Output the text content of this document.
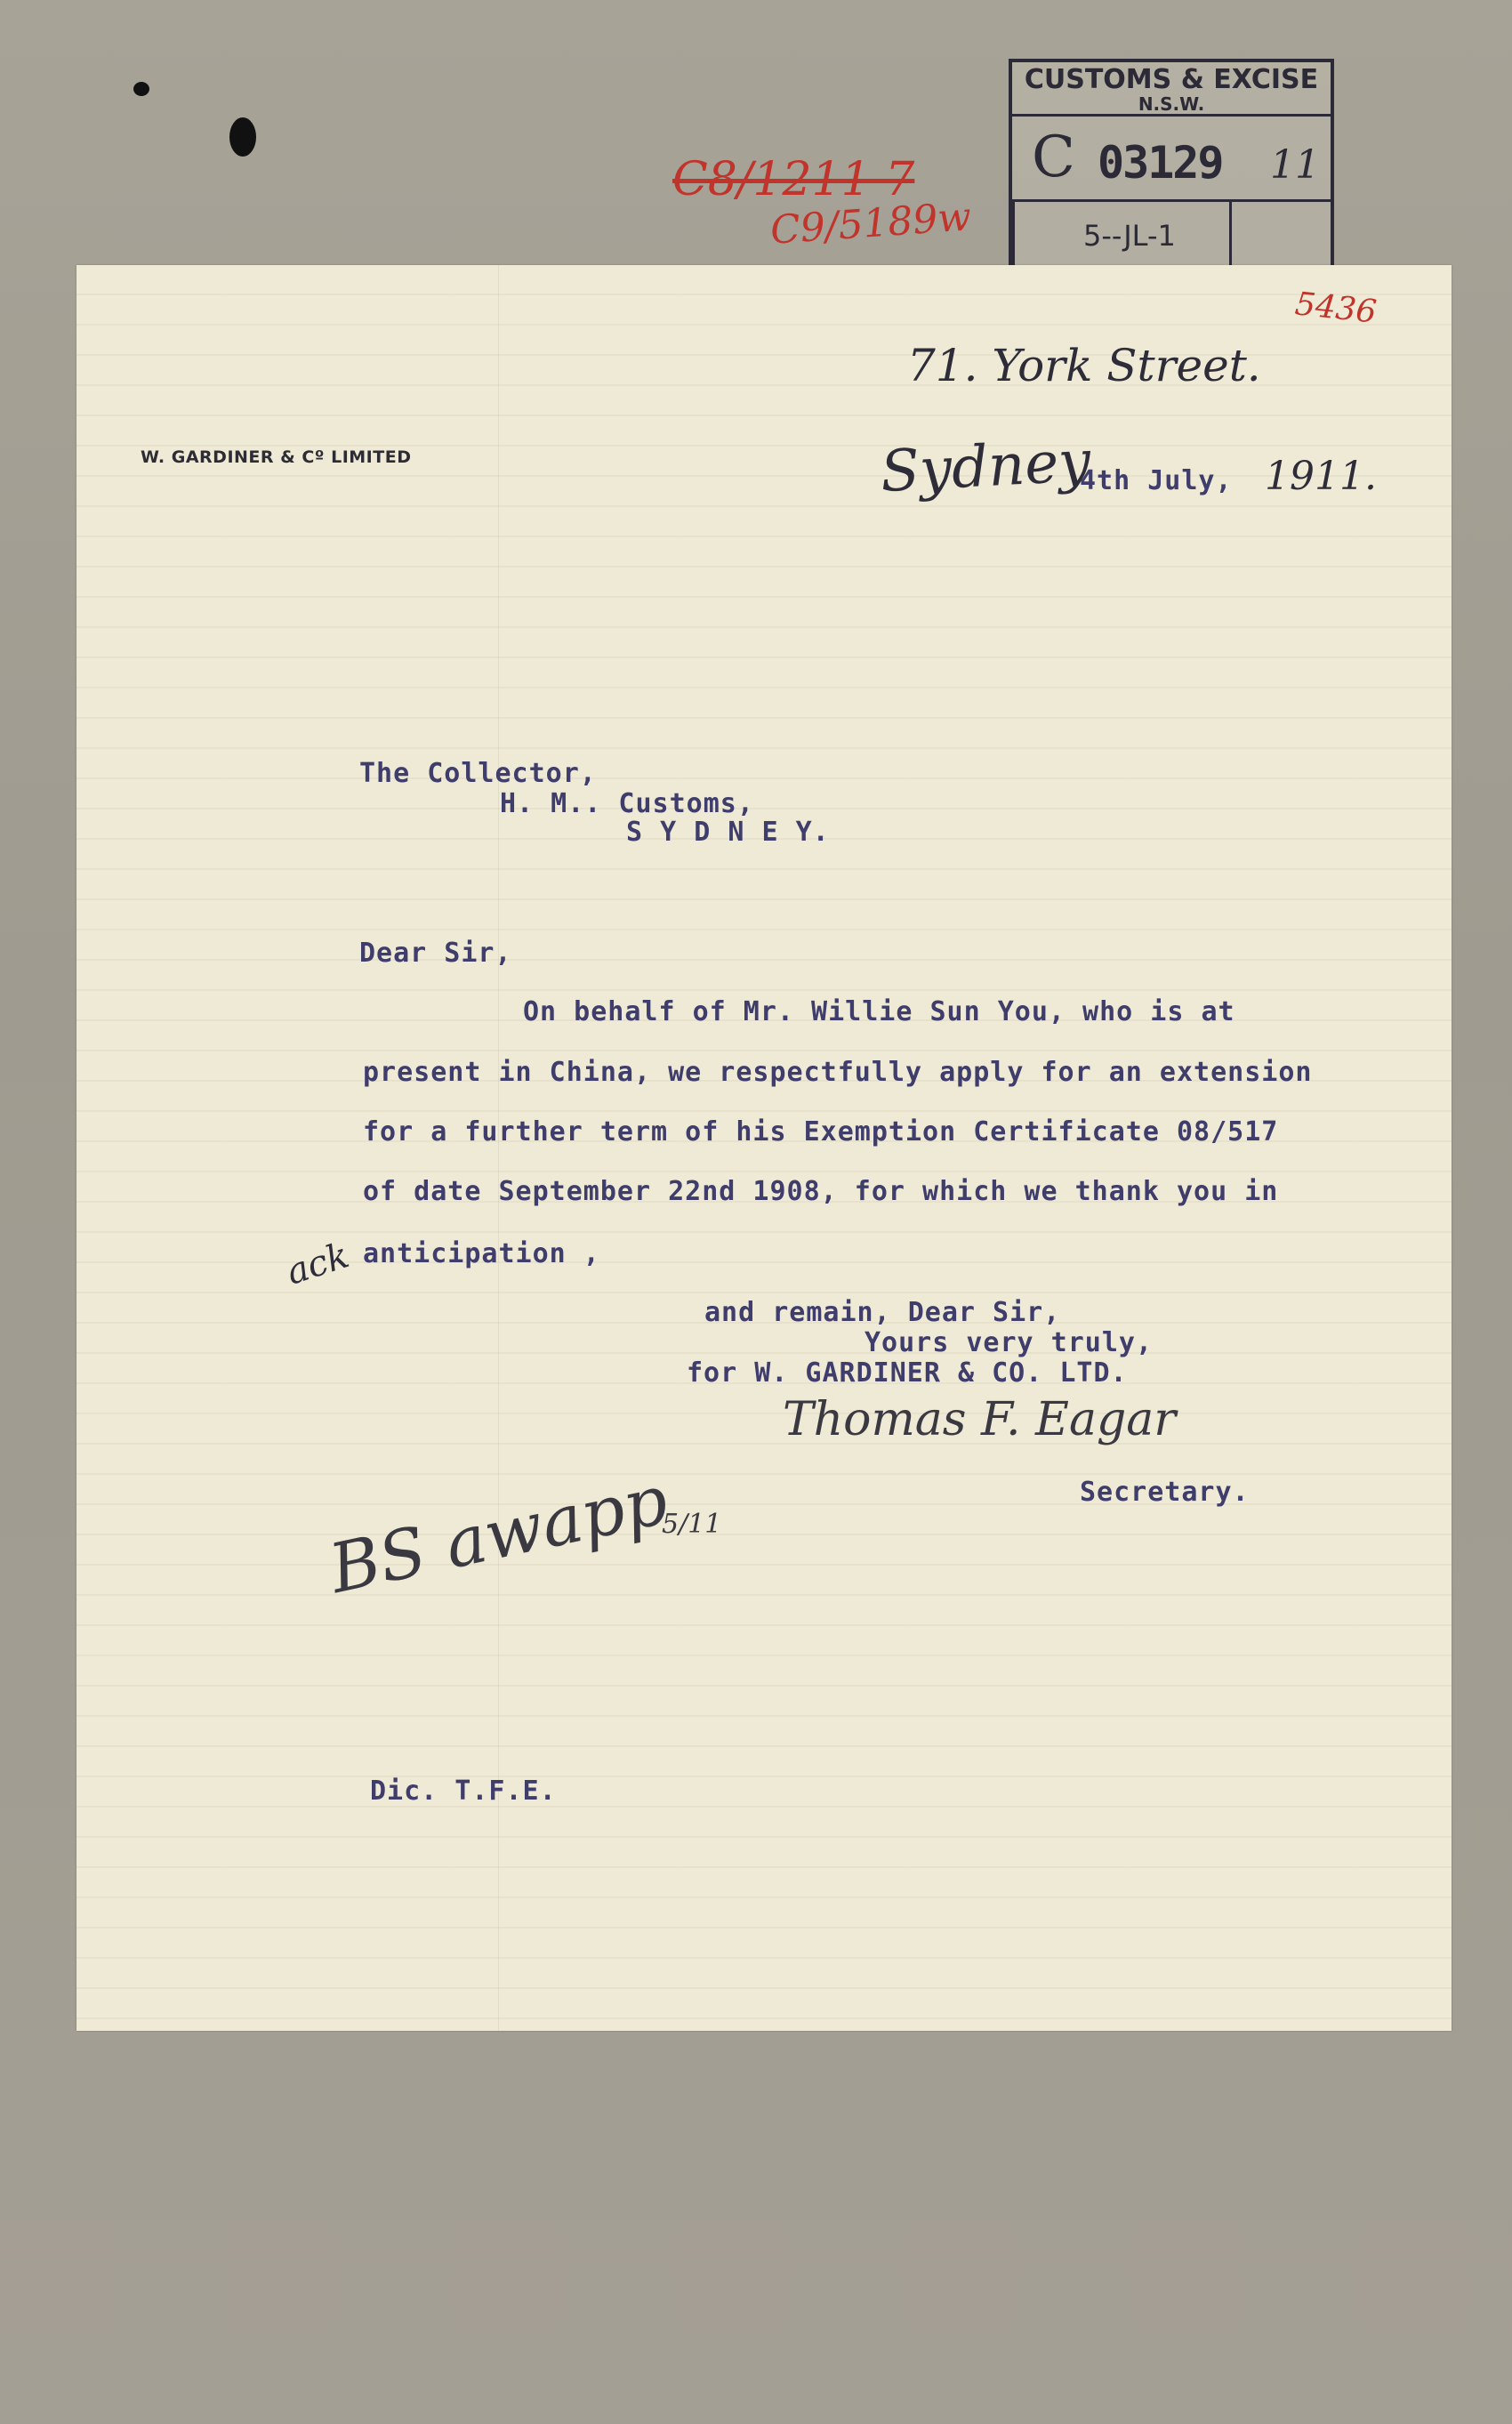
CUSTOMS & EXCISE
N.S.W.
C 03129 11
5--JL-1
C8/1211 7
C9/5189w
5436
W. GARDINER & Cº LIMITED
71. York Street.
Sydney
4th July, 1911.
The Collector,
H. M.. Customs,
S Y D N E Y.
Dear Sir,
On behalf of Mr. Willie Sun You, who is at
present in China, we respectfully apply for an extension
for a further term of his Exemption Certificate 08/517
of date September 22nd 1908, for which we thank you in
anticipation ,
ack
and remain, Dear Sir,
Yours very truly,
for W. GARDINER & CO. LTD.
Thomas F. Eagar
Secretary.
BS awapp
5/11
Dic. T.F.E.
